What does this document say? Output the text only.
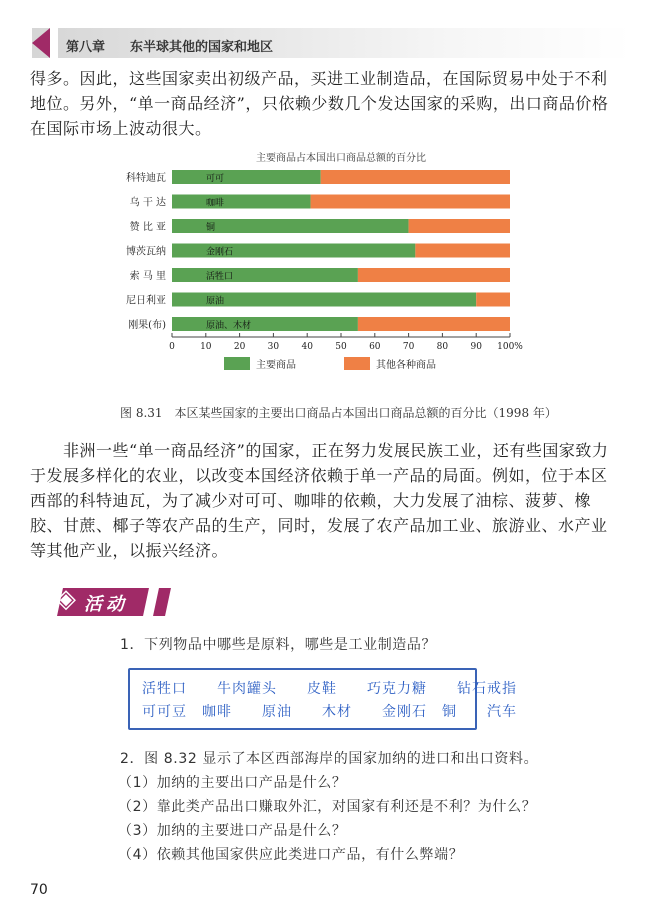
第八章 东半球其他的国家和地区
得多。因此，这些国家卖出初级产品，买进工业制造品，在国际贸易中处于不利地位。另外，“单一商品经济”，只依赖少数几个发达国家的采购，出口商品价格在国际市场上波动很大。
主要商品占本国出口商品总额的百分比
科特迪瓦	可可
乌 干 达	咖啡
赞 比 亚	铜
博茨瓦纳	金刚石
索 马 里	活牲口
尼日利亚	原油
刚果(布)	原油、木材
0	10 20 30 40 50 60 70 80 90 100%
主要商品	其他各种商品
图 8.31　本区某些国家的主要出口商品占本国出口商品总额的百分比（1998 年）
非洲一些“单一商品经济”的国家，正在努力发展民族工业，还有些国家致力于发展多样化的农业，以改变本国经济依赖于单一产品的局面。例如，位于本区西部的科特迪瓦，为了减少对可可、咖啡的依赖，大力发展了油棕、菠萝、橡胶、甘蔗、椰子等农产品的生产，同时，发展了农产品加工业、旅游业、水产业等其他产业，以振兴经济。
◈ 活动
1．下列物品中哪些是原料，哪些是工业制造品？
活牲口　　牛肉罐头　　皮鞋　　巧克力糖　　钻石戒指
可可豆　咖啡　　原油　　木材　　金刚石　铜　　汽车
2．图 8.32 显示了本区西部海岸的国家加纳的进口和出口资料。
（1）加纳的主要出口产品是什么？
（2）靠此类产品出口赚取外汇，对国家有利还是不利？为什么？
（3）加纳的主要进口产品是什么？
（4）依赖其他国家供应此类进口产品，有什么弊端？
70
